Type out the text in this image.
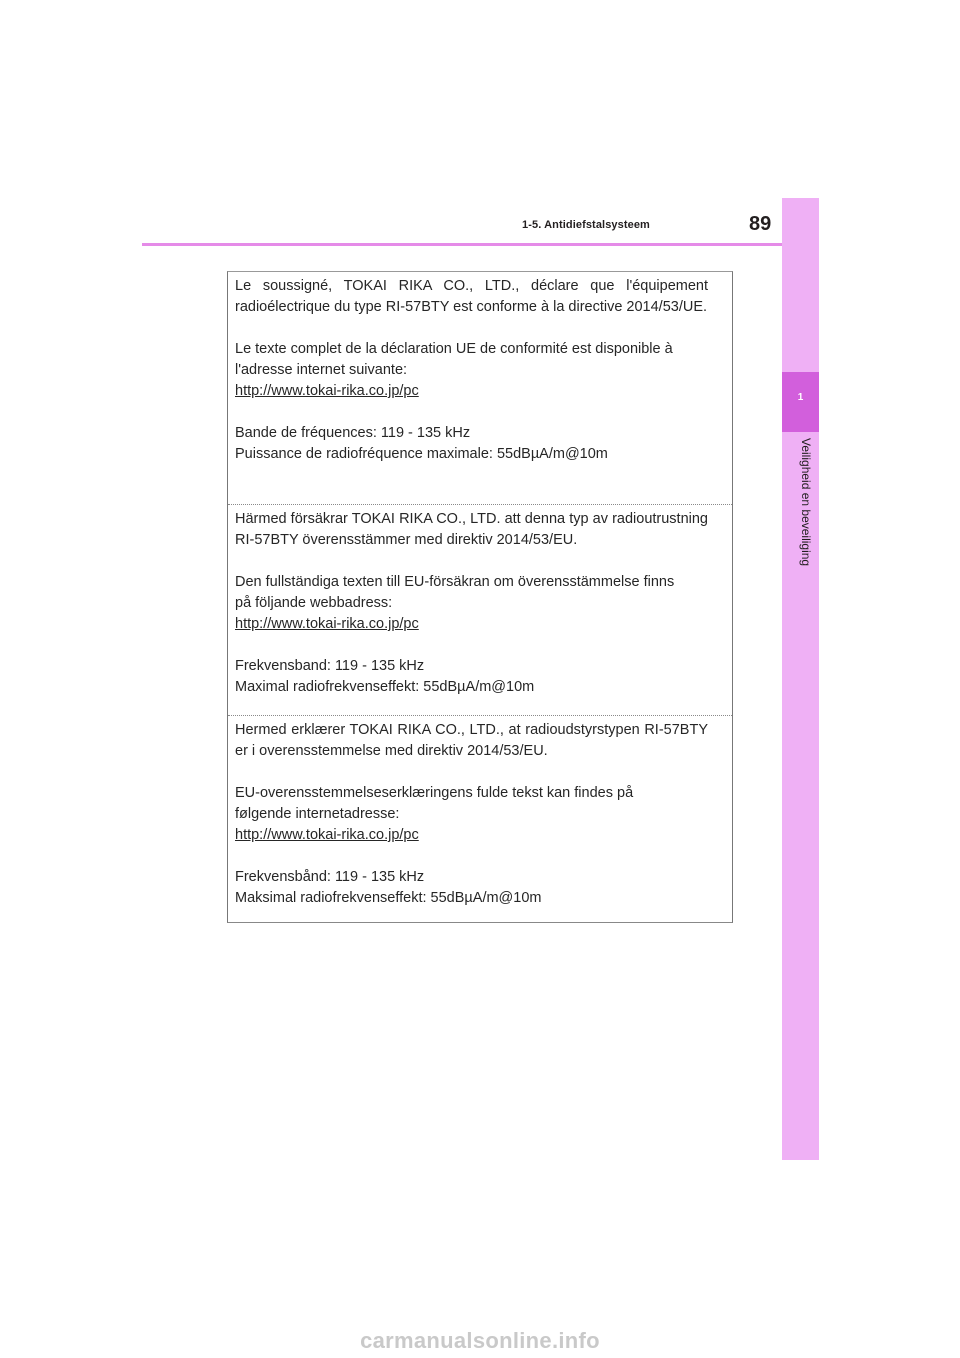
1-5. Antidiefstalsysteem	89
1
Veiligheid en beveiliging

Le soussigné, TOKAI RIKA CO., LTD., déclare que l'équipement radioélectrique du type RI-57BTY est conforme à la directive 2014/53/UE.

Le texte complet de la déclaration UE de conformité est disponible à
l'adresse internet suivante:
http://www.tokai-rika.co.jp/pc

Bande de fréquences: 119 - 135 kHz
Puissance de radiofréquence maximale: 55dBµA/m@10m

Härmed försäkrar TOKAI RIKA CO., LTD. att denna typ av radioutrustning RI-57BTY överensstämmer med direktiv 2014/53/EU.

Den fullständiga texten till EU-försäkran om överensstämmelse finns
på följande webbadress:
http://www.tokai-rika.co.jp/pc

Frekvensband: 119 - 135 kHz
Maximal radiofrekvenseffekt: 55dBµA/m@10m

Hermed erklærer TOKAI RIKA CO., LTD., at radioudstyrstypen RI-57BTY er i overensstemmelse med direktiv 2014/53/EU.

EU-overensstemmelseserklæringens fulde tekst kan findes på
følgende internetadresse:
http://www.tokai-rika.co.jp/pc

Frekvensbånd: 119 - 135 kHz
Maksimal radiofrekvenseffekt: 55dBµA/m@10m

carmanualsonline.info
